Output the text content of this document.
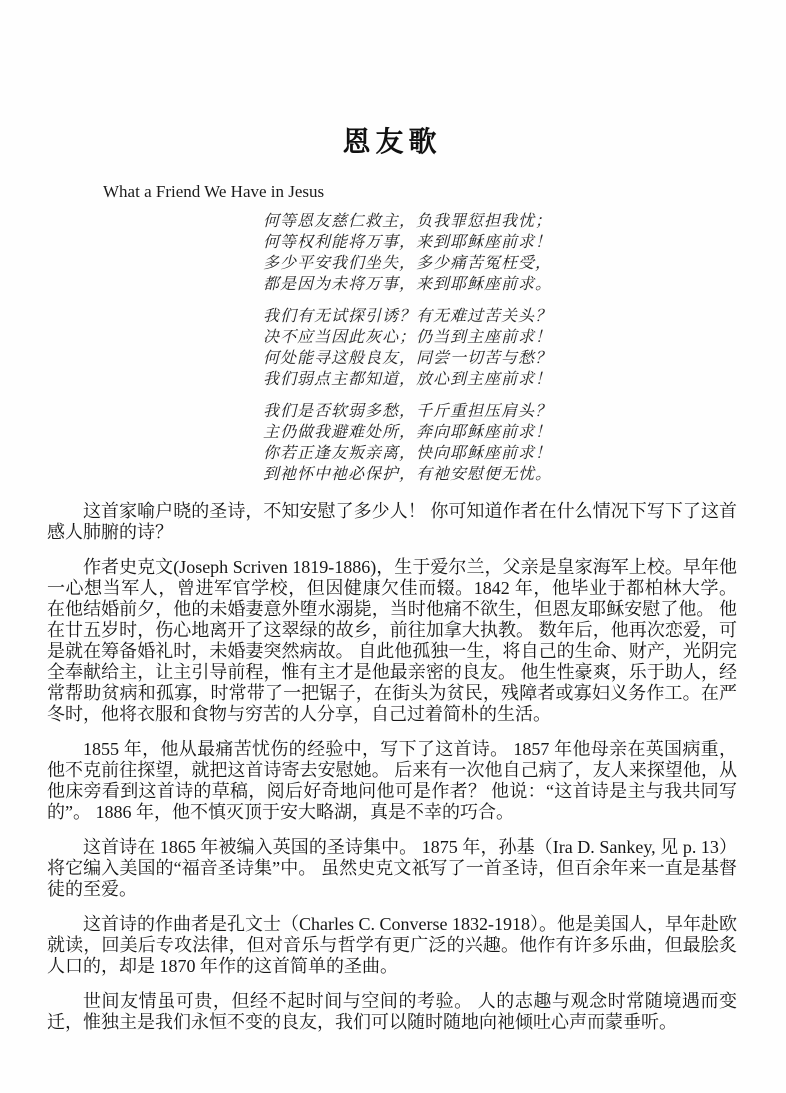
恩友歌
What a Friend We Have in Jesus
何等恩友慈仁救主，负我罪愆担我忧；
何等权利能将万事，来到耶稣座前求！
多少平安我们坐失，多少痛苦冤枉受，
都是因为未将万事，来到耶稣座前求。
我们有无试探引诱？有无难过苦关头？
决不应当因此灰心；仍当到主座前求！
何处能寻这般良友，同尝一切苦与愁？
我们弱点主都知道，放心到主座前求！
我们是否软弱多愁，千斤重担压肩头？
主仍做我避难处所，奔向耶稣座前求！
你若正逢友叛亲离，快向耶稣座前求！
到祂怀中祂必保护，有祂安慰便无忧。

这首家喻户晓的圣诗，不知安慰了多少人！ 你可知道作者在什么情况下写下了这首感人肺腑的诗？

作者史克文(Joseph Scriven 1819-1886)，生于爱尔兰，父亲是皇家海军上校。早年他一心想当军人，曾进军官学校，但因健康欠佳而辍。1842 年，他毕业于都柏林大学。 在他结婚前夕，他的未婚妻意外堕水溺毙，当时他痛不欲生，但恩友耶稣安慰了他。 他在廿五岁时，伤心地离开了这翠绿的故乡，前往加拿大执教。 数年后，他再次恋爱，可是就在筹备婚礼时，未婚妻突然病故。 自此他孤独一生，将自己的生命、财产，光阴完全奉献给主，让主引导前程，惟有主才是他最亲密的良友。 他生性豪爽，乐于助人，经常帮助贫病和孤寡，时常带了一把锯子，在街头为贫民，残障者或寡妇义务作工。在严冬时，他将衣服和食物与穷苦的人分享，自己过着简朴的生活。

1855 年，他从最痛苦忧伤的经验中，写下了这首诗。 1857 年他母亲在英国病重，他不克前往探望，就把这首诗寄去安慰她。 后来有一次他自己病了，友人来探望他，从他床旁看到这首诗的草稿，阅后好奇地问他可是作者？ 他说：“这首诗是主与我共同写的”。 1886 年，他不慎灭顶于安大略湖，真是不幸的巧合。

这首诗在 1865 年被编入英国的圣诗集中。 1875 年，孙基（Ira D. Sankey, 见 p. 13）将它编入美国的“福音圣诗集”中。 虽然史克文祇写了一首圣诗，但百余年来一直是基督徒的至爱。

这首诗的作曲者是孔文士（Charles C. Converse 1832-1918）。他是美国人，早年赴欧就读，回美后专攻法律，但对音乐与哲学有更广泛的兴趣。他作有许多乐曲，但最脍炙人口的，却是 1870 年作的这首简单的圣曲。

世间友情虽可贵，但经不起时间与空间的考验。 人的志趣与观念时常随境遇而变迁，惟独主是我们永恒不变的良友，我们可以随时随地向祂倾吐心声而蒙垂听。
